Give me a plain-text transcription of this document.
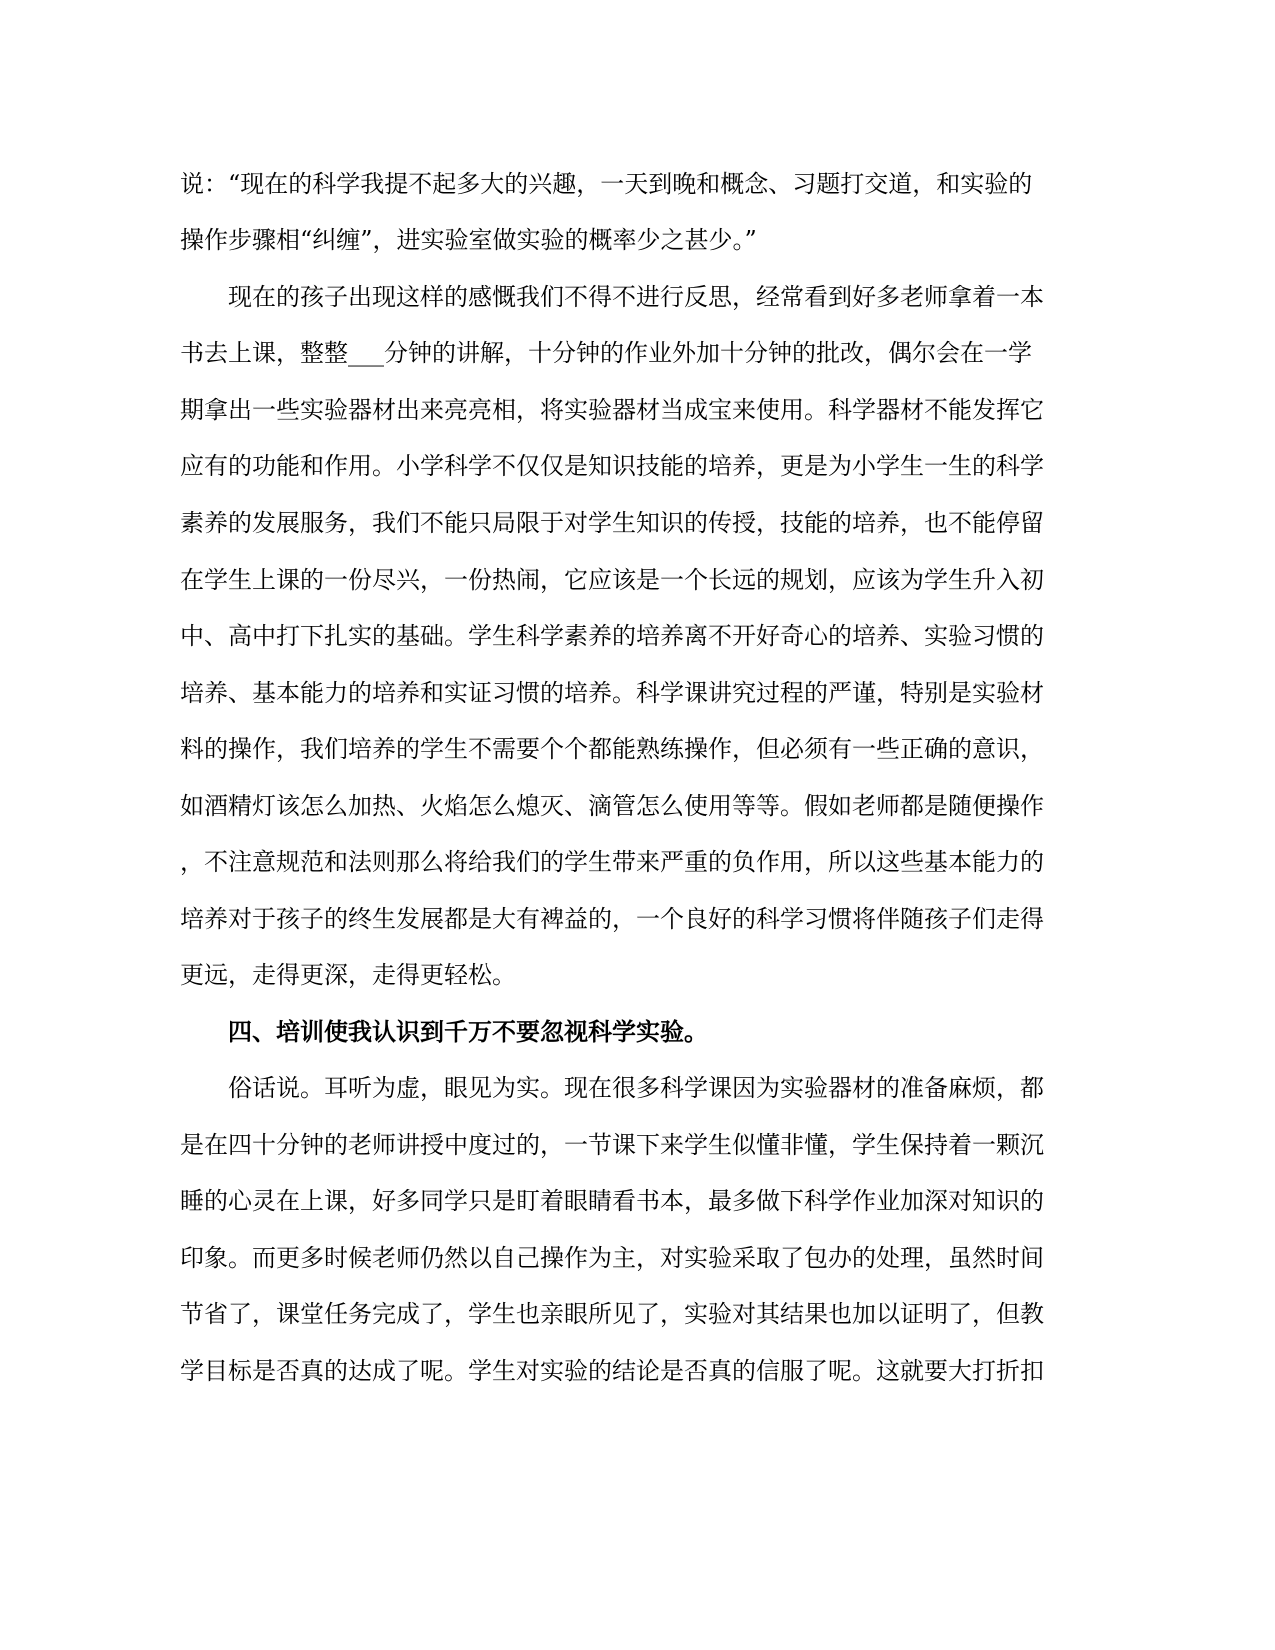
说：“现在的科学我提不起多大的兴趣，一天到晚和概念、习题打交道，和实验的
操作步骤相“纠缠”，进实验室做实验的概率少之甚少。”
现在的孩子出现这样的感慨我们不得不进行反思，经常看到好多老师拿着一本
书去上课，整整___分钟的讲解，十分钟的作业外加十分钟的批改，偶尔会在一学
期拿出一些实验器材出来亮亮相，将实验器材当成宝来使用。科学器材不能发挥它
应有的功能和作用。小学科学不仅仅是知识技能的培养，更是为小学生一生的科学
素养的发展服务，我们不能只局限于对学生知识的传授，技能的培养，也不能停留
在学生上课的一份尽兴，一份热闹，它应该是一个长远的规划，应该为学生升入初
中、高中打下扎实的基础。学生科学素养的培养离不开好奇心的培养、实验习惯的
培养、基本能力的培养和实证习惯的培养。科学课讲究过程的严谨，特别是实验材
料的操作，我们培养的学生不需要个个都能熟练操作，但必须有一些正确的意识，
如酒精灯该怎么加热、火焰怎么熄灭、滴管怎么使用等等。假如老师都是随便操作
，不注意规范和法则那么将给我们的学生带来严重的负作用，所以这些基本能力的
培养对于孩子的终生发展都是大有裨益的，一个良好的科学习惯将伴随孩子们走得
更远，走得更深，走得更轻松。
四、培训使我认识到千万不要忽视科学实验。
俗话说。耳听为虚，眼见为实。现在很多科学课因为实验器材的准备麻烦，都
是在四十分钟的老师讲授中度过的，一节课下来学生似懂非懂，学生保持着一颗沉
睡的心灵在上课，好多同学只是盯着眼睛看书本，最多做下科学作业加深对知识的
印象。而更多时候老师仍然以自己操作为主，对实验采取了包办的处理，虽然时间
节省了，课堂任务完成了，学生也亲眼所见了，实验对其结果也加以证明了，但教
学目标是否真的达成了呢。学生对实验的结论是否真的信服了呢。这就要大打折扣
